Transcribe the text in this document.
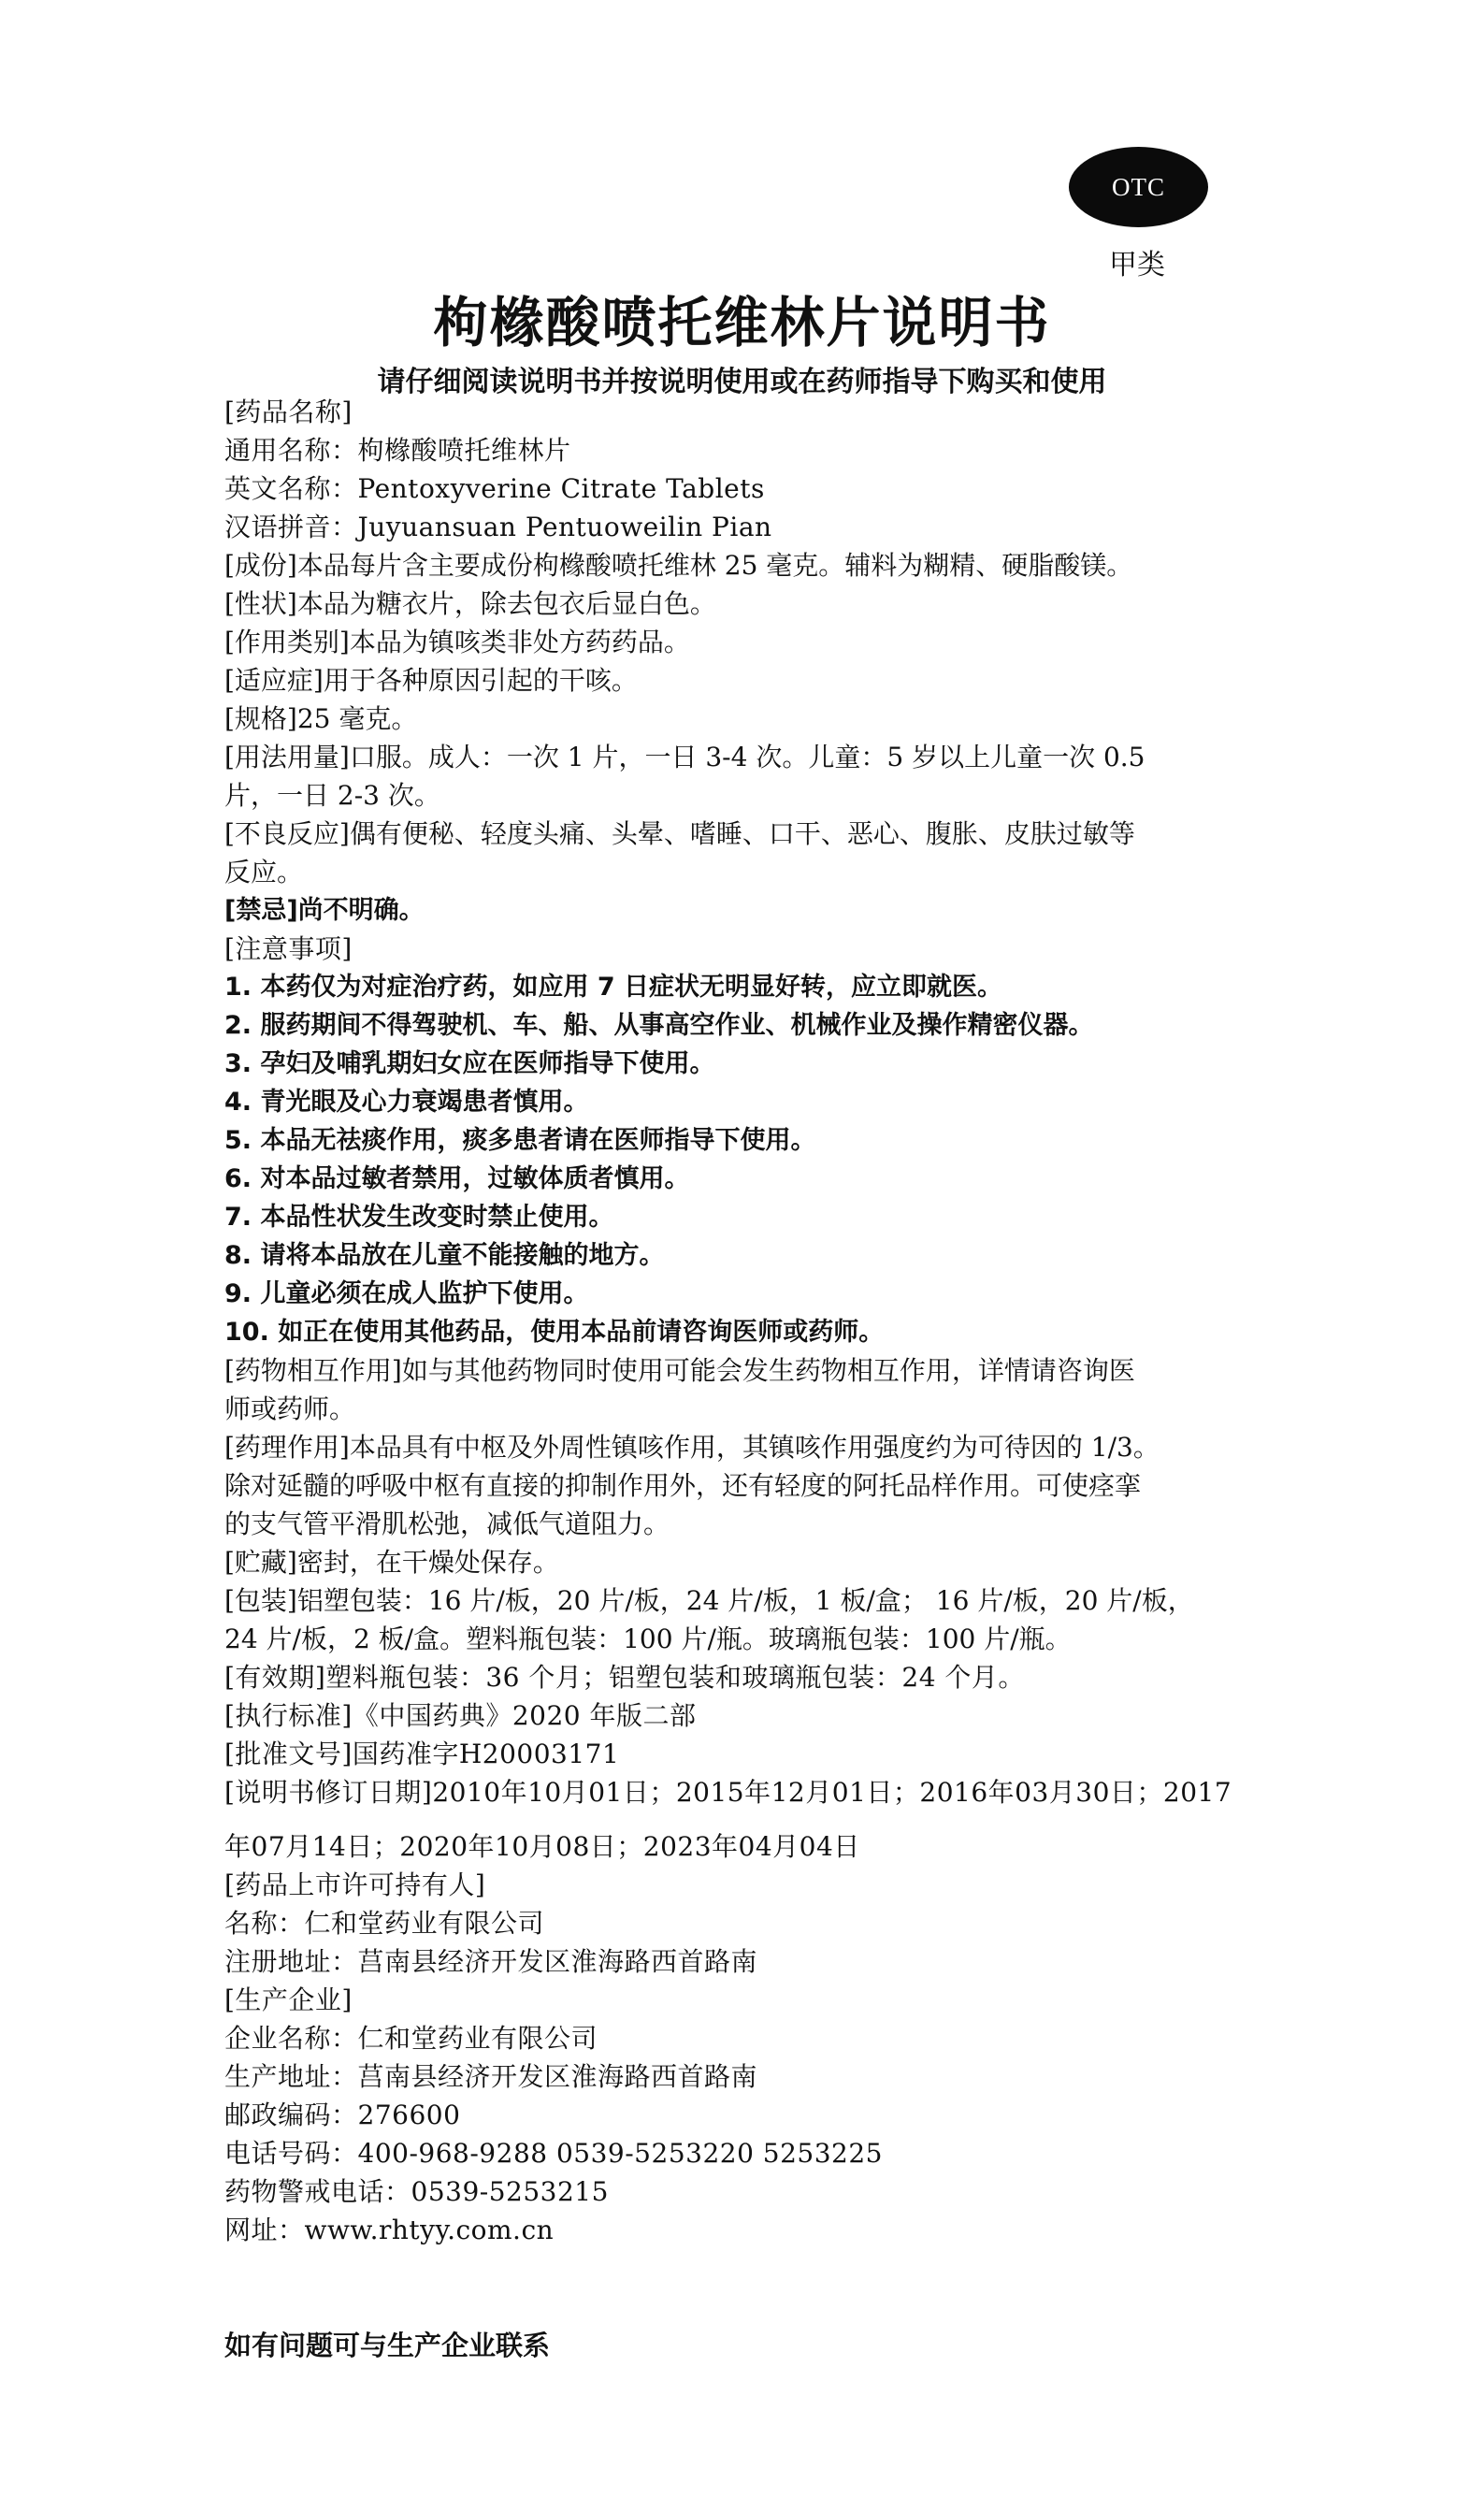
OTC
甲类
枸橼酸喷托维林片说明书
请仔细阅读说明书并按说明使用或在药师指导下购买和使用

[药品名称]

通用名称：枸橼酸喷托维林片

英文名称：Pentoxyverine Citrate Tablets

汉语拼音：Juyuansuan Pentuoweilin Pian

[成份]本品每片含主要成份枸橼酸喷托维林 25 毫克。辅料为糊精、硬脂酸镁。

[性状]本品为糖衣片，除去包衣后显白色。

[作用类别]本品为镇咳类非处方药药品。

[适应症]用于各种原因引起的干咳。

[规格]25 毫克。

[用法用量]口服。成人：一次 1 片，一日 3-4 次。儿童：5 岁以上儿童一次 0.5

片，一日 2-3 次。

[不良反应]偶有便秘、轻度头痛、头晕、嗜睡、口干、恶心、腹胀、皮肤过敏等

反应。

[禁忌]尚不明确。

[注意事项]

1. 本药仅为对症治疗药，如应用 7 日症状无明显好转，应立即就医。

2. 服药期间不得驾驶机、车、船、从事高空作业、机械作业及操作精密仪器。

3. 孕妇及哺乳期妇女应在医师指导下使用。

4. 青光眼及心力衰竭患者慎用。

5. 本品无祛痰作用，痰多患者请在医师指导下使用。

6. 对本品过敏者禁用，过敏体质者慎用。

7. 本品性状发生改变时禁止使用。

8. 请将本品放在儿童不能接触的地方。

9. 儿童必须在成人监护下使用。

10. 如正在使用其他药品，使用本品前请咨询医师或药师。

[药物相互作用]如与其他药物同时使用可能会发生药物相互作用，详情请咨询医

师或药师。

[药理作用]本品具有中枢及外周性镇咳作用，其镇咳作用强度约为可待因的 1/3。

除对延髓的呼吸中枢有直接的抑制作用外，还有轻度的阿托品样作用。可使痉挛

的支气管平滑肌松弛，减低气道阻力。

[贮藏]密封，在干燥处保存。

[包装]铝塑包装：16 片/板，20 片/板，24 片/板，1 板/盒； 16 片/板，20 片/板，

24 片/板，2 板/盒。塑料瓶包装：100 片/瓶。玻璃瓶包装：100 片/瓶。

[有效期]塑料瓶包装：36 个月；铝塑包装和玻璃瓶包装：24 个月。

[执行标准]《中国药典》2020 年版二部

[批准文号]国药准字H20003171

[说明书修订日期]2010年10月01日；2015年12月01日；2016年03月30日；2017

年07月14日；2020年10月08日；2023年04月04日

[药品上市许可持有人]

名称：仁和堂药业有限公司

注册地址：莒南县经济开发区淮海路西首路南

[生产企业]

企业名称：仁和堂药业有限公司

生产地址：莒南县经济开发区淮海路西首路南

邮政编码：276600

电话号码：400-968-9288 0539-5253220 5253225

药物警戒电话：0539-5253215

网址：www.rhtyy.com.cn

如有问题可与生产企业联系
